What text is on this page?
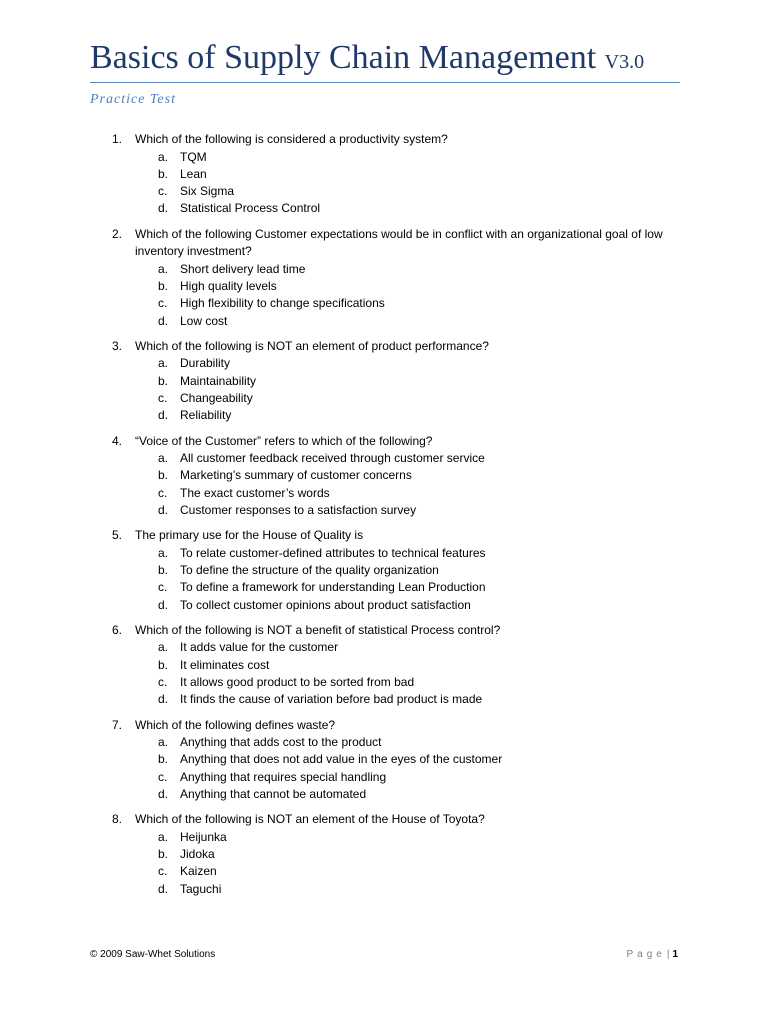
Basics of Supply Chain Management V3.0
Practice Test
1.	Which of the following is considered a productivity system?
a. TQM
b. Lean
c. Six Sigma
d. Statistical Process Control
2.	Which of the following Customer expectations would be in conflict with an organizational goal of low inventory investment?
a. Short delivery lead time
b. High quality levels
c. High flexibility to change specifications
d. Low cost
3.	Which of the following is NOT an element of product performance?
a. Durability
b. Maintainability
c. Changeability
d. Reliability
4.	“Voice of the Customer” refers to which of the following?
a. All customer feedback received through customer service
b. Marketing’s summary of customer concerns
c. The exact customer’s words
d. Customer responses to a satisfaction survey
5.	The primary use for the House of Quality is
a. To relate customer-defined attributes to technical features
b. To define the structure of the quality organization
c. To define a framework for understanding Lean Production
d. To collect customer opinions about product satisfaction
6.	Which of the following is NOT a benefit of statistical Process control?
a. It adds value for the customer
b. It eliminates cost
c. It allows good product to be sorted from bad
d. It finds the cause of variation before bad product is made
7.	Which of the following defines waste?
a. Anything that adds cost to the product
b. Anything that does not add value in the eyes of the customer
c. Anything that requires special handling
d. Anything that cannot be automated
8.	Which of the following is NOT an element of the House of Toyota?
a. Heijunka
b. Jidoka
c. Kaizen
d. Taguchi
© 2009 Saw-Whet Solutions	Page| 1
